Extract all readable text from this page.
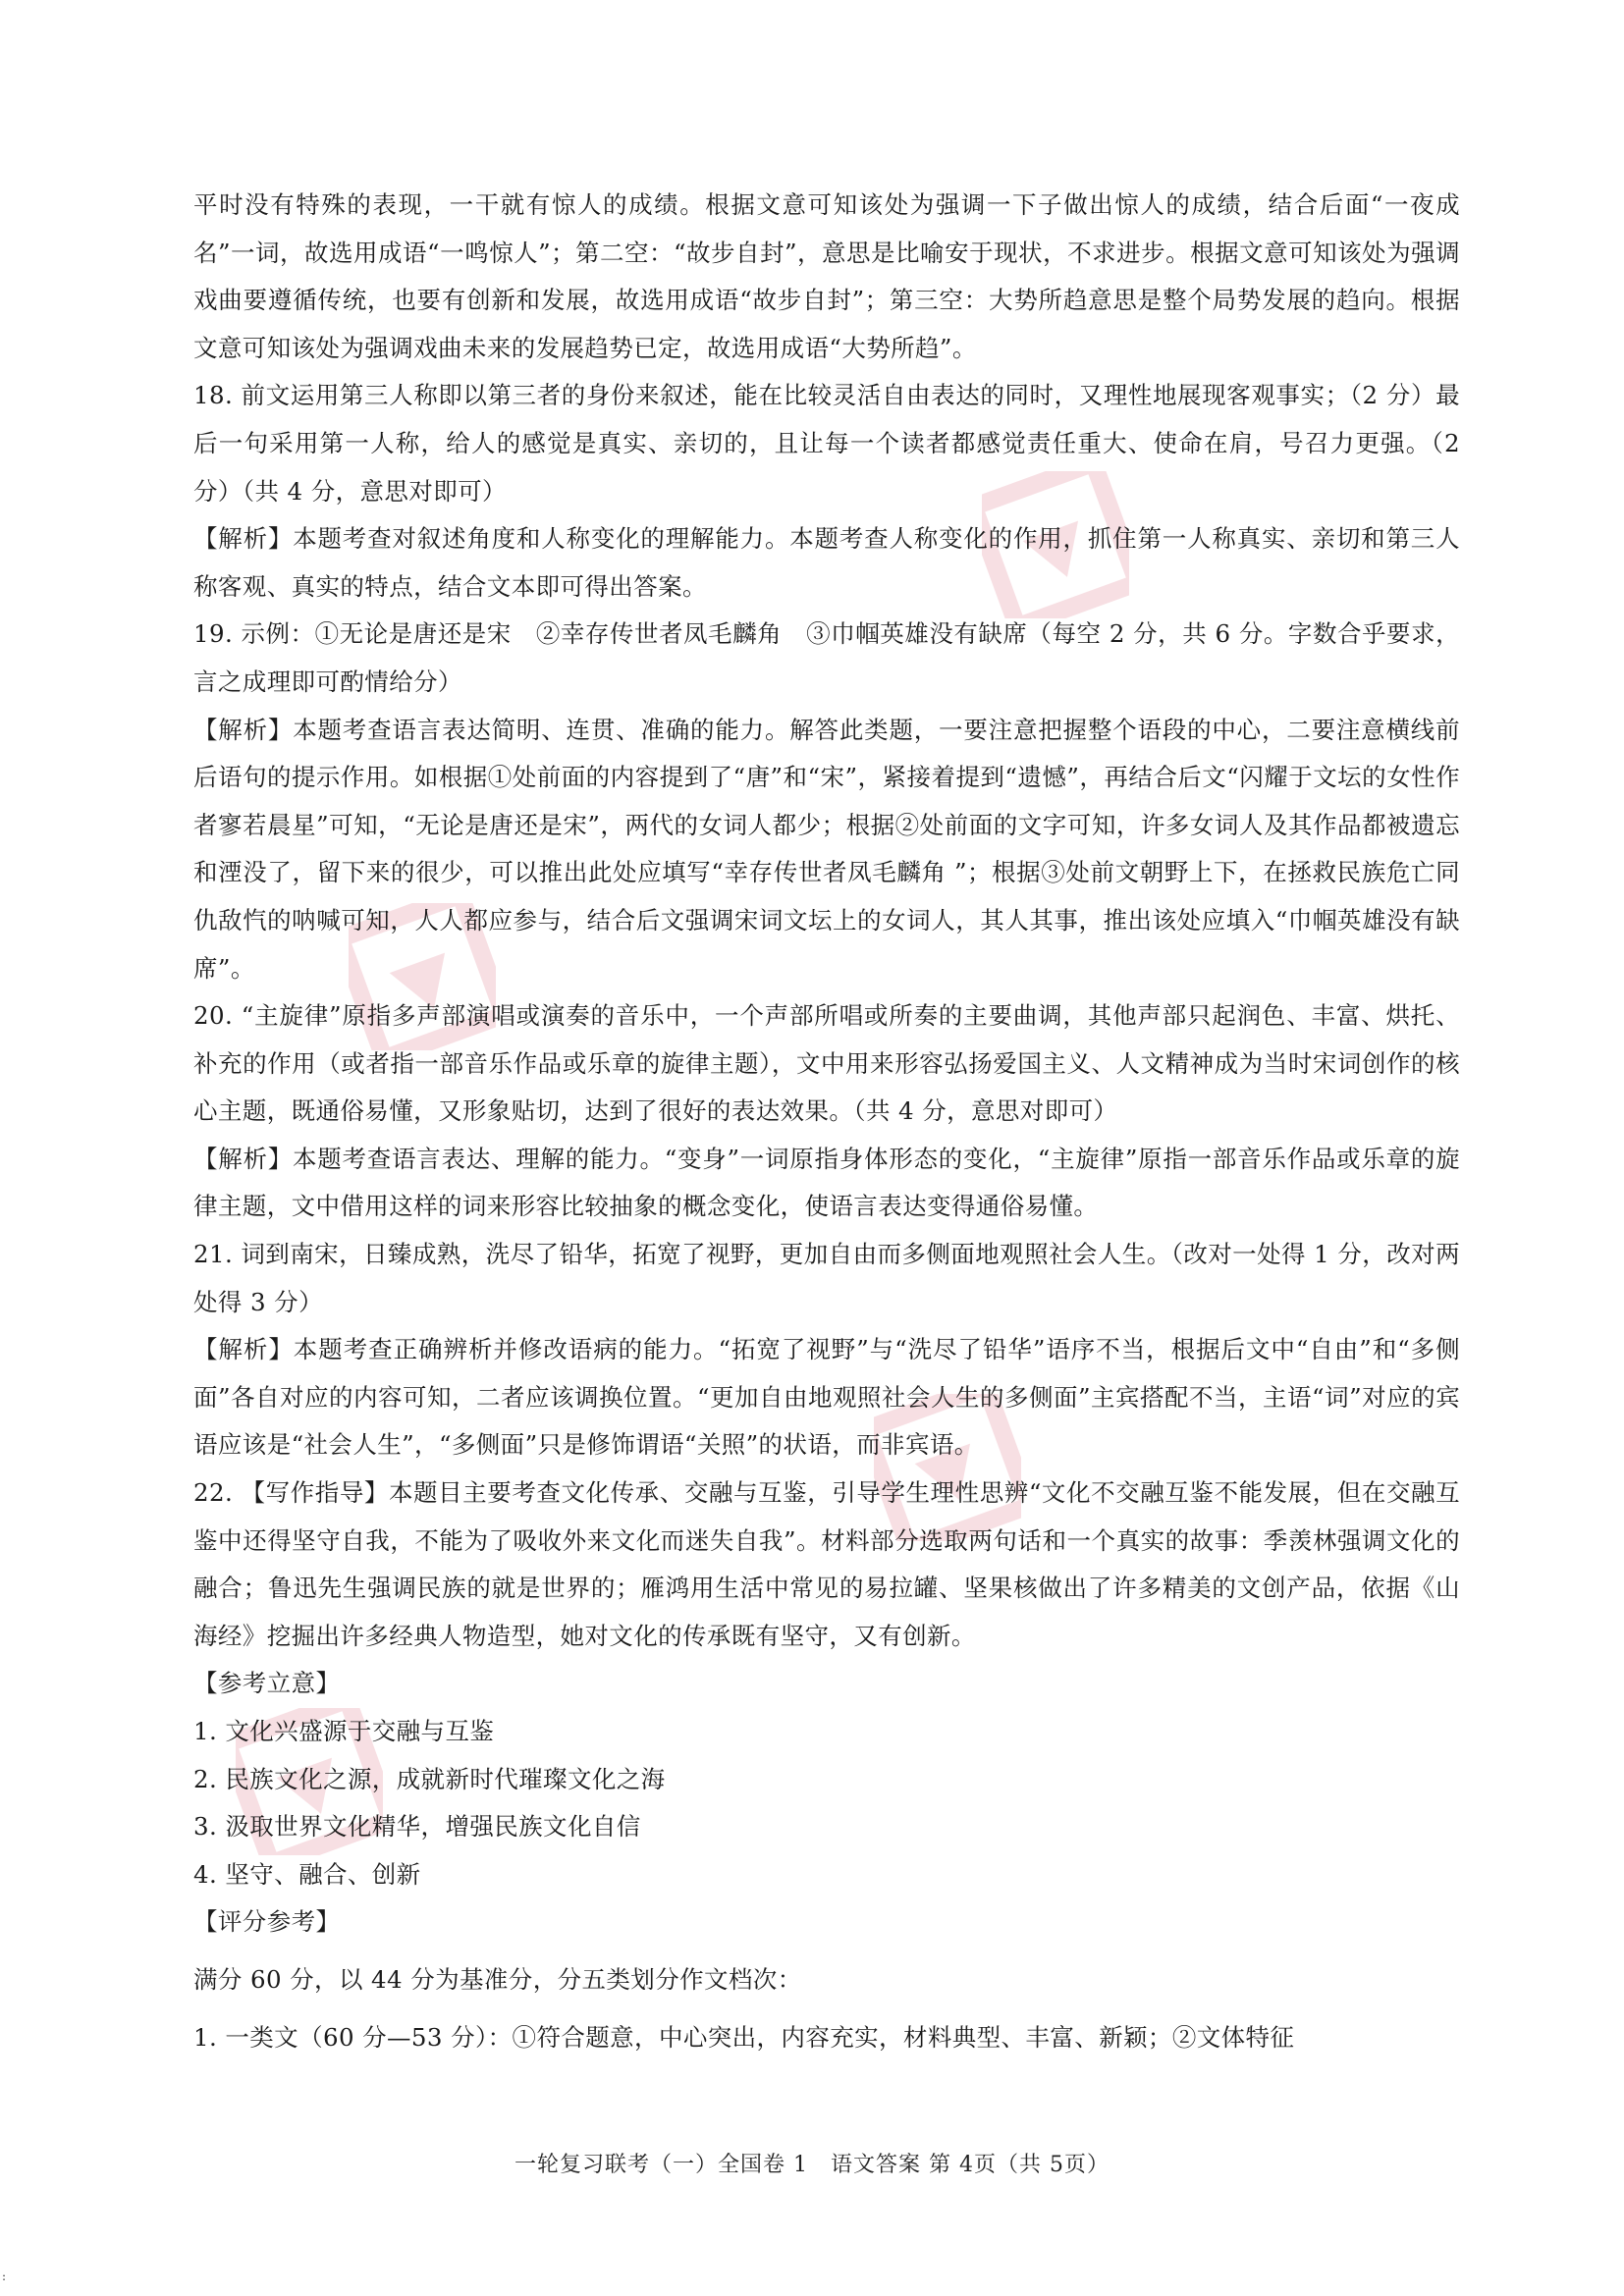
平时没有特殊的表现，一干就有惊人的成绩。根据文意可知该处为强调一下子做出惊人的成绩，结合后面“一夜成名”一词，故选用成语“一鸣惊人”；第二空：“故步自封”，意思是比喻安于现状，不求进步。根据文意可知该处为强调戏曲要遵循传统，也要有创新和发展，故选用成语“故步自封”；第三空：大势所趋意思是整个局势发展的趋向。根据文意可知该处为强调戏曲未来的发展趋势已定，故选用成语“大势所趋”。

18. 前文运用第三人称即以第三者的身份来叙述，能在比较灵活自由表达的同时，又理性地展现客观事实；（2 分）最后一句采用第一人称，给人的感觉是真实、亲切的，且让每一个读者都感觉责任重大、使命在肩，号召力更强。（2 分）（共 4 分，意思对即可）

【解析】本题考查对叙述角度和人称变化的理解能力。本题考查人称变化的作用，抓住第一人称真实、亲切和第三人称客观、真实的特点，结合文本即可得出答案。

19. 示例：①无论是唐还是宋　②幸存传世者凤毛麟角　③巾帼英雄没有缺席（每空 2 分，共 6 分。字数合乎要求，言之成理即可酌情给分）

【解析】本题考查语言表达简明、连贯、准确的能力。解答此类题，一要注意把握整个语段的中心，二要注意横线前后语句的提示作用。如根据①处前面的内容提到了“唐”和“宋”，紧接着提到“遗憾”，再结合后文“闪耀于文坛的女性作者寥若晨星”可知，“无论是唐还是宋”，两代的女词人都少；根据②处前面的文字可知，许多女词人及其作品都被遗忘和湮没了，留下来的很少，可以推出此处应填写“幸存传世者凤毛麟角 ”；根据③处前文朝野上下，在拯救民族危亡同仇敌忾的呐喊可知，人人都应参与，结合后文强调宋词文坛上的女词人，其人其事，推出该处应填入“巾帼英雄没有缺席”。

20. “主旋律”原指多声部演唱或演奏的音乐中，一个声部所唱或所奏的主要曲调，其他声部只起润色、丰富、烘托、补充的作用（或者指一部音乐作品或乐章的旋律主题），文中用来形容弘扬爱国主义、人文精神成为当时宋词创作的核心主题，既通俗易懂，又形象贴切，达到了很好的表达效果。（共 4 分，意思对即可）

【解析】本题考查语言表达、理解的能力。“变身”一词原指身体形态的变化，“主旋律”原指一部音乐作品或乐章的旋律主题，文中借用这样的词来形容比较抽象的概念变化，使语言表达变得通俗易懂。

21. 词到南宋，日臻成熟，洗尽了铅华，拓宽了视野，更加自由而多侧面地观照社会人生。（改对一处得 1 分，改对两处得 3 分）

【解析】本题考查正确辨析并修改语病的能力。“拓宽了视野”与“洗尽了铅华”语序不当，根据后文中“自由”和“多侧面”各自对应的内容可知，二者应该调换位置。“更加自由地观照社会人生的多侧面”主宾搭配不当，主语“词”对应的宾语应该是“社会人生”，“多侧面”只是修饰谓语“关照”的状语，而非宾语。

22. 【写作指导】本题目主要考查文化传承、交融与互鉴，引导学生理性思辨“文化不交融互鉴不能发展，但在交融互鉴中还得坚守自我，不能为了吸收外来文化而迷失自我”。材料部分选取两句话和一个真实的故事：季羡林强调文化的融合；鲁迅先生强调民族的就是世界的；雁鸿用生活中常见的易拉罐、坚果核做出了许多精美的文创产品，依据《山海经》挖掘出许多经典人物造型，她对文化的传承既有坚守，又有创新。

【参考立意】

1. 文化兴盛源于交融与互鉴

2. 民族文化之源，成就新时代璀璨文化之海

3. 汲取世界文化精华，增强民族文化自信

4. 坚守、融合、创新

【评分参考】

满分 60 分，以 44 分为基准分，分五类划分作文档次：

1. 一类文（60 分—53 分）：①符合题意，中心突出，内容充实，材料典型、丰富、新颖；②文体特征

一轮复习联考（一）全国卷 1　语文答案 第 4页（共 5页）
:
